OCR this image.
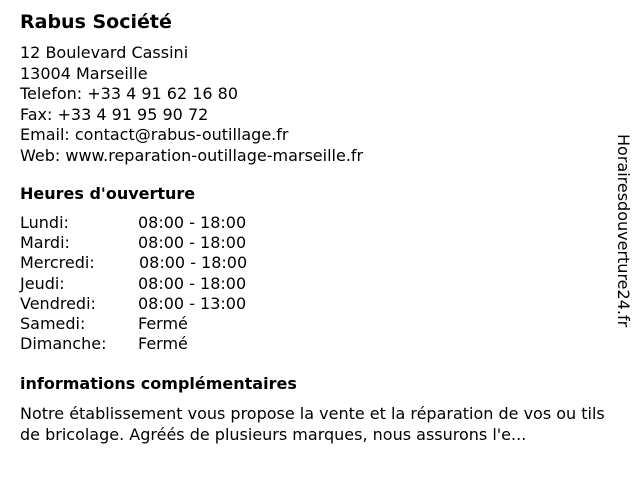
Rabus Société
12 Boulevard Cassini
13004 Marseille
Telefon: +33 4 91 62 16 80
Fax: +33 4 91 95 90 72
Email: contact@rabus-outillage.fr
Web: www.reparation-outillage-marseille.fr
Heures d'ouverture
Lundi:	08:00 - 18:00
Mardi:	08:00 - 18:00
Mercredi:	08:00 - 18:00
Jeudi:	08:00 - 18:00
Vendredi:	08:00 - 13:00
Samedi:	Fermé
Dimanche: Fermé
informations complémentaires
Notre établissement vous propose la vente et la réparation de vos ou tils de bricolage. Agréés de plusieurs marques, nous assurons l'e...
Horairesdouverture24.fr
